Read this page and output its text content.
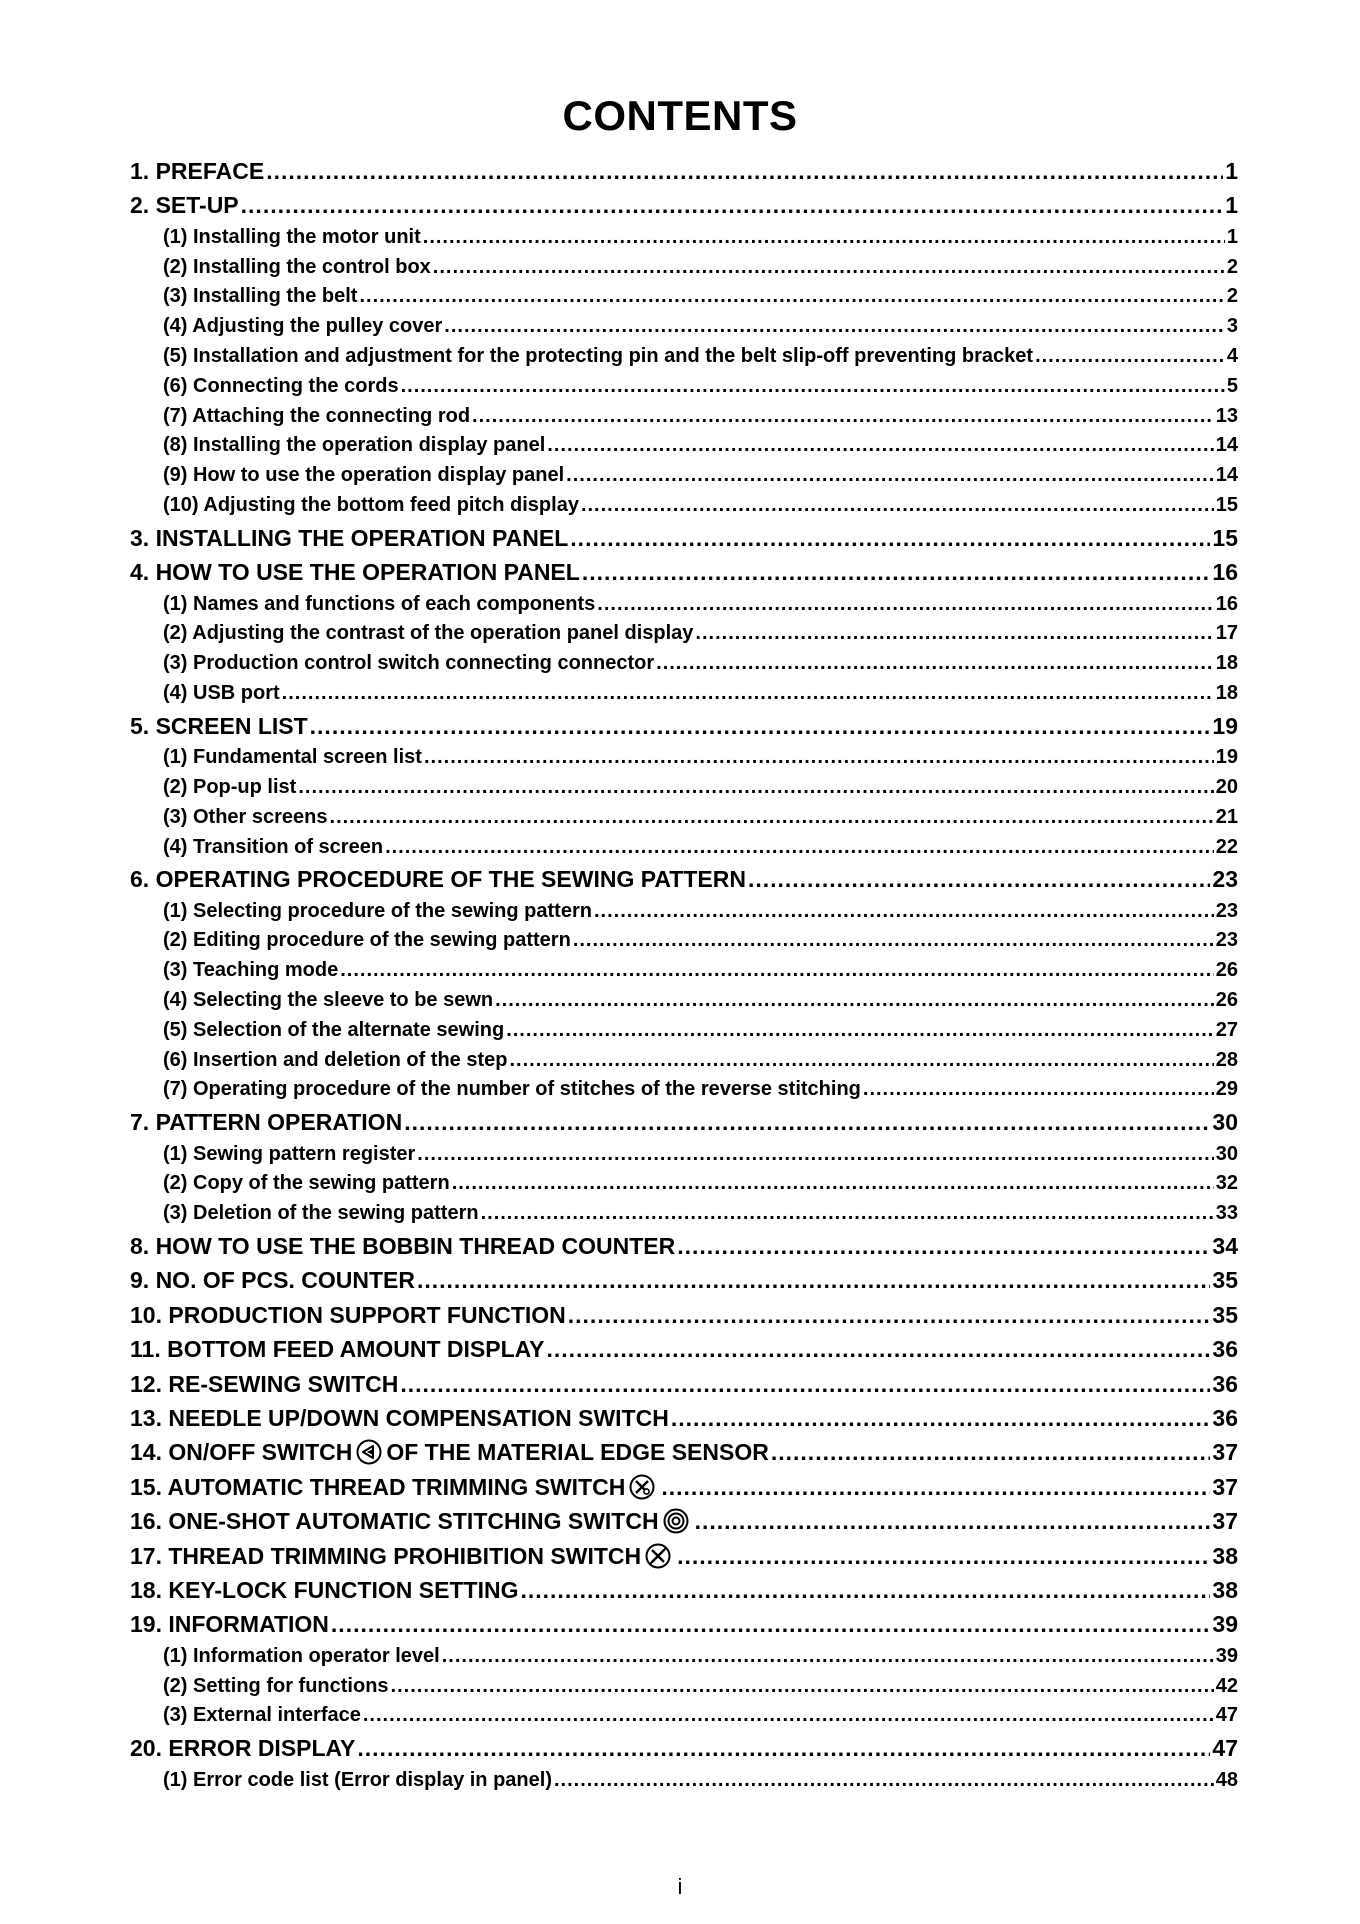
CONTENTS
1. PREFACE .....	1
2. SET-UP .....	1
(1) Installing the motor unit .....	1
(2) Installing the control box .....	2
(3) Installing the belt .....	2
(4) Adjusting the pulley cover .....	3
(5) Installation and adjustment for the protecting pin and the belt slip-off preventing bracket .....	4
(6) Connecting the cords .....	5
(7) Attaching the connecting rod .....	13
(8) Installing the operation display panel .....	14
(9) How to use the operation display panel .....	14
(10) Adjusting the bottom feed pitch display .....	15
3. INSTALLING THE OPERATION PANEL .....	15
4. HOW TO USE THE OPERATION PANEL .....	16
(1) Names and functions of each components .....	16
(2) Adjusting the contrast of the operation panel display .....	17
(3) Production control switch connecting connector .....	18
(4) USB port .....	18
5. SCREEN LIST .....	19
(1) Fundamental screen list .....	19
(2) Pop-up list .....	20
(3) Other screens .....	21
(4) Transition of screen .....	22
6. OPERATING PROCEDURE OF THE SEWING PATTERN .....	23
(1) Selecting procedure of the sewing pattern .....	23
(2) Editing procedure of the sewing pattern .....	23
(3) Teaching mode .....	26
(4) Selecting the sleeve to be sewn .....	26
(5) Selection of the alternate sewing .....	27
(6) Insertion and deletion of the step .....	28
(7) Operating procedure of the number of stitches of the reverse stitching .....	29
7. PATTERN OPERATION .....	30
(1) Sewing pattern register .....	30
(2) Copy of the sewing pattern .....	32
(3) Deletion of the sewing pattern .....	33
8. HOW TO USE THE BOBBIN THREAD COUNTER .....	34
9. NO. OF PCS. COUNTER .....	35
10. PRODUCTION SUPPORT FUNCTION .....	35
11. BOTTOM FEED AMOUNT DISPLAY .....	36
12. RE-SEWING SWITCH .....	36
13. NEEDLE UP/DOWN COMPENSATION SWITCH .....	36
14. ON/OFF SWITCH OF THE MATERIAL EDGE SENSOR .....	37
15. AUTOMATIC THREAD TRIMMING SWITCH .....	37
16. ONE-SHOT AUTOMATIC STITCHING SWITCH .....	37
17. THREAD TRIMMING PROHIBITION SWITCH .....	38
18. KEY-LOCK FUNCTION SETTING .....	38
19. INFORMATION .....	39
(1) Information operator level .....	39
(2) Setting for functions .....	42
(3) External interface .....	47
20. ERROR DISPLAY .....	47
(1) Error code list (Error display in panel) .....	48
i
